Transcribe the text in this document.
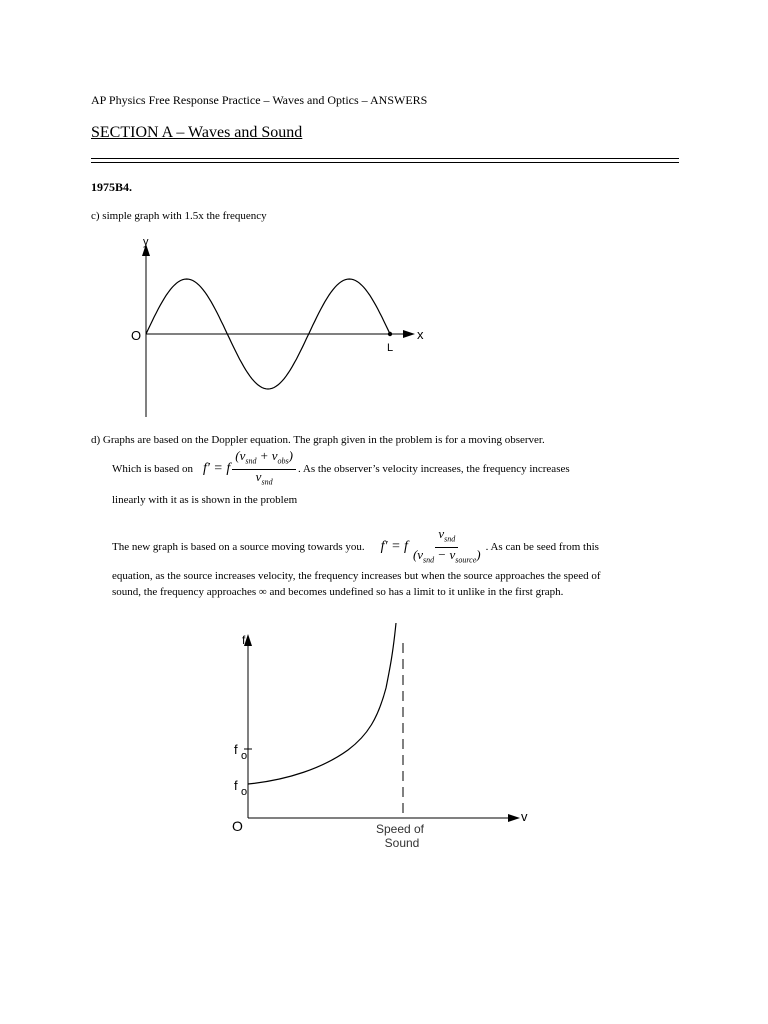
AP Physics Free Response Practice – Waves and Optics – ANSWERS
SECTION A – Waves and Sound
1975B4.
c) simple graph with 1.5x the frequency
y
x
O
L
d) Graphs are based on the Doppler equation. The graph given in the problem is for a moving observer.
Which is based on f′ = f $\frac{(v_{snd} + v_{obs})}{v_{snd}}$ . As the observer’s velocity increases, the frequency increases
linearly with it as is shown in the problem
The new graph is based on a source moving towards you. f′ = f $\frac{v_{snd}}{(v_{snd} - v_{source})}$ . As can be seed from this
equation, as the source increases velocity, the frequency increases but when the source approaches the speed of
sound, the frequency approaches ∞ and becomes undefined so has a limit to it unlike in the first graph.
f
v
O
f o
f o
Speed of
Sound
